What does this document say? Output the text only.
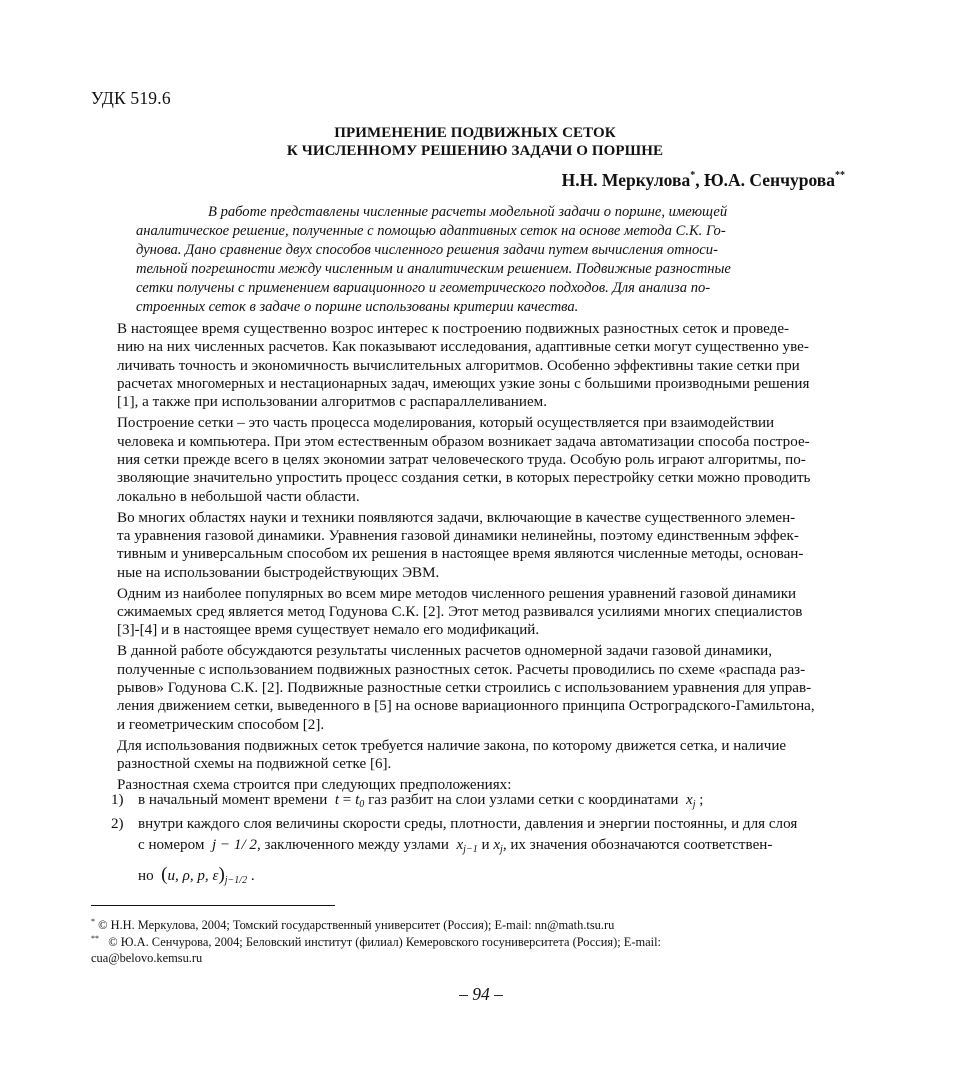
УДК 519.6
ПРИМЕНЕНИЕ ПОДВИЖНЫХ СЕТОК
К ЧИСЛЕННОМУ РЕШЕНИЮ ЗАДАЧИ О ПОРШНЕ
Н.Н. Меркулова*, Ю.А. Сенчурова**
В работе представлены численные расчеты модельной задачи о поршне, имеющей
аналитическое решение, полученные с помощью адаптивных сеток на основе метода С.К. Го-
дунова. Дано сравнение двух способов численного решения задачи путем вычисления относи-
тельной погрешности между численным и аналитическим решением. Подвижные разностные
сетки получены с применением вариационного и геометрического подходов. Для анализа по-
строенных сеток в задаче о поршне использованы критерии качества.

В настоящее время существенно возрос интерес к построению подвижных разностных сеток и проведе-
нию на них численных расчетов. Как показывают исследования, адаптивные сетки могут существенно уве-
личивать точность и экономичность вычислительных алгоритмов. Особенно эффективны такие сетки при
расчетах многомерных и нестационарных задач, имеющих узкие зоны с большими производными решения
[1], а также при использовании алгоритмов с распараллеливанием.

Построение сетки – это часть процесса моделирования, который осуществляется при взаимодействии
человека и компьютера. При этом естественным образом возникает задача автоматизации способа построе-
ния сетки прежде всего в целях экономии затрат человеческого труда. Особую роль играют алгоритмы, по-
зволяющие значительно упростить процесс создания сетки, в которых перестройку сетки можно проводить
локально в небольшой части области.

Во многих областях науки и техники появляются задачи, включающие в качестве существенного элемен-
та уравнения газовой динамики. Уравнения газовой динамики нелинейны, поэтому единственным эффек-
тивным и универсальным способом их решения в настоящее время являются численные методы, основан-
ные на использовании быстродействующих ЭВМ.

Одним из наиболее популярных во всем мире методов численного решения уравнений газовой динамики
сжимаемых сред является метод Годунова С.К. [2]. Этот метод развивался усилиями многих специалистов
[3]-[4] и в настоящее время существует немало его модификаций.

В данной работе обсуждаются результаты численных расчетов одномерной задачи газовой динамики,
полученные с использованием подвижных разностных сеток. Расчеты проводились по схеме «распада раз-
рывов» Годунова С.К. [2]. Подвижные разностные сетки строились с использованием уравнения для управ-
ления движением сетки, выведенного в [5] на основе вариационного принципа Остроградского-Гамильтона,
и геометрическим способом [2].

Для использования подвижных сеток требуется наличие закона, по которому движется сетка, и наличие
разностной схемы на подвижной сетке [6].

Разностная схема строится при следующих предположениях:

1) в начальный момент времени $t = t_0$ газ разбит на слои узлами сетки с координатами $x_j$ ;
2) внутри каждого слоя величины скорости среды, плотности, давления и энергии постоянны, и для слоя
с номером j − 1/ 2, заключенного между узлами $x_{j-1}$ и $x_j$, их значения обозначаются соответствен-
но (u, ρ, p, $\varepsilon)_{j-1/2}$ .
* © Н.Н. Меркулова, 2004; Томский государственный университет (Россия); E-mail: nn@math.tsu.ru
** © Ю.А. Сенчурова, 2004; Беловский институт (филиал) Кемеровского госуниверситета (Россия); E-mail:
cua@belovo.kemsu.ru
– 94 –
